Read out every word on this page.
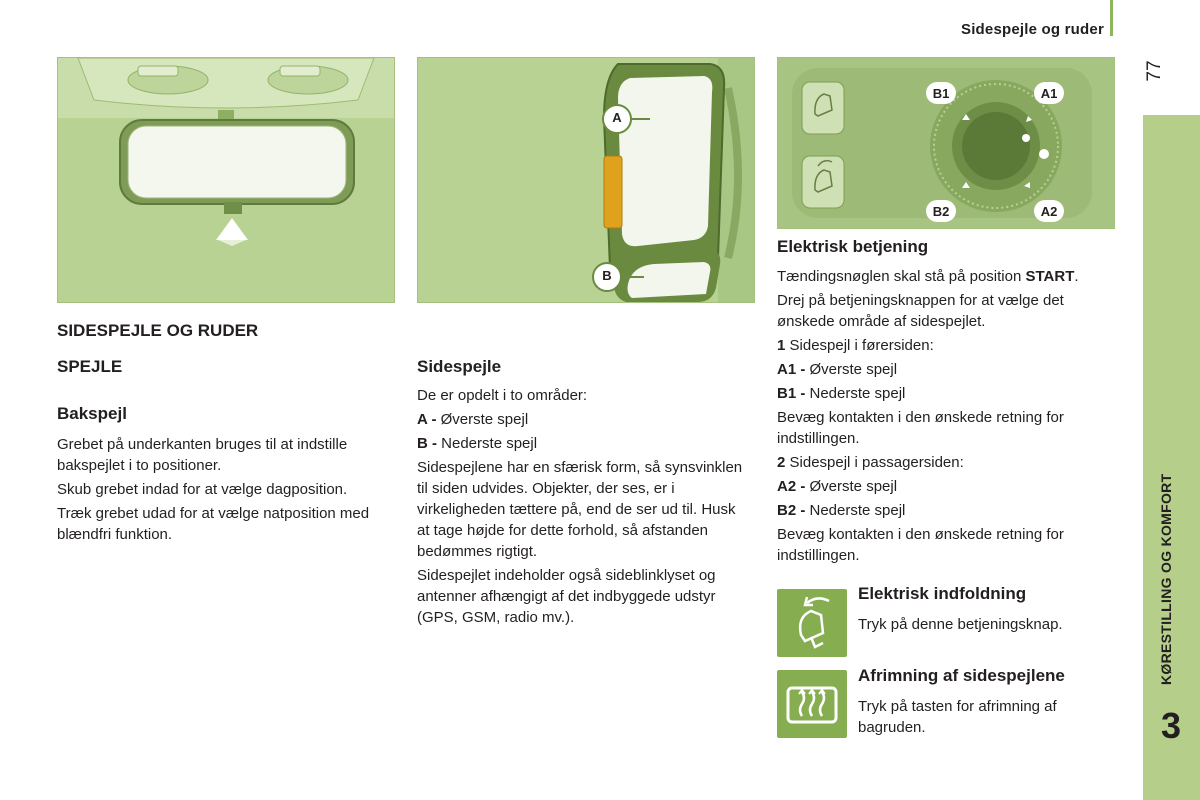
Sidespejle og ruder
77
KØRESTILLING OG KOMFORT
3
A
B
B1	A1
B2	A2
SIDESPEJLE OG RUDER
SPEJLE
Bakspejl

Grebet på underkanten bruges til at indstille bakspejlet i to positioner.

Skub grebet indad for at vælge dagposition.

Træk grebet udad for at vælge natposition med blændfri funktion.

Sidespejle

De er opdelt i to områder:

A - Øverste spejl

B - Nederste spejl

Sidespejlene har en sfærisk form, så synsvinklen til siden udvides. Objekter, der ses, er i virkeligheden tættere på, end de ser ud til. Husk at tage højde for dette forhold, så afstanden bedømmes rigtigt.

Sidespejlet indeholder også sideblinklyset og antenner afhængigt af det indbyggede udstyr (GPS, GSM, radio mv.).

Elektrisk betjening

Tændingsnøglen skal stå på position START.

Drej på betjeningsknappen for at vælge det ønskede område af sidespejlet.

1 Sidespejl i førersiden:

A1 - Øverste spejl

B1 - Nederste spejl

Bevæg kontakten i den ønskede retning for indstillingen.

2 Sidespejl i passagersiden:

A2 - Øverste spejl

B2 - Nederste spejl

Bevæg kontakten i den ønskede retning for indstillingen.

Elektrisk indfoldning

Tryk på denne betjeningsknap.

Afrimning af sidespejlene

Tryk på tasten for afrimning af bagruden.
